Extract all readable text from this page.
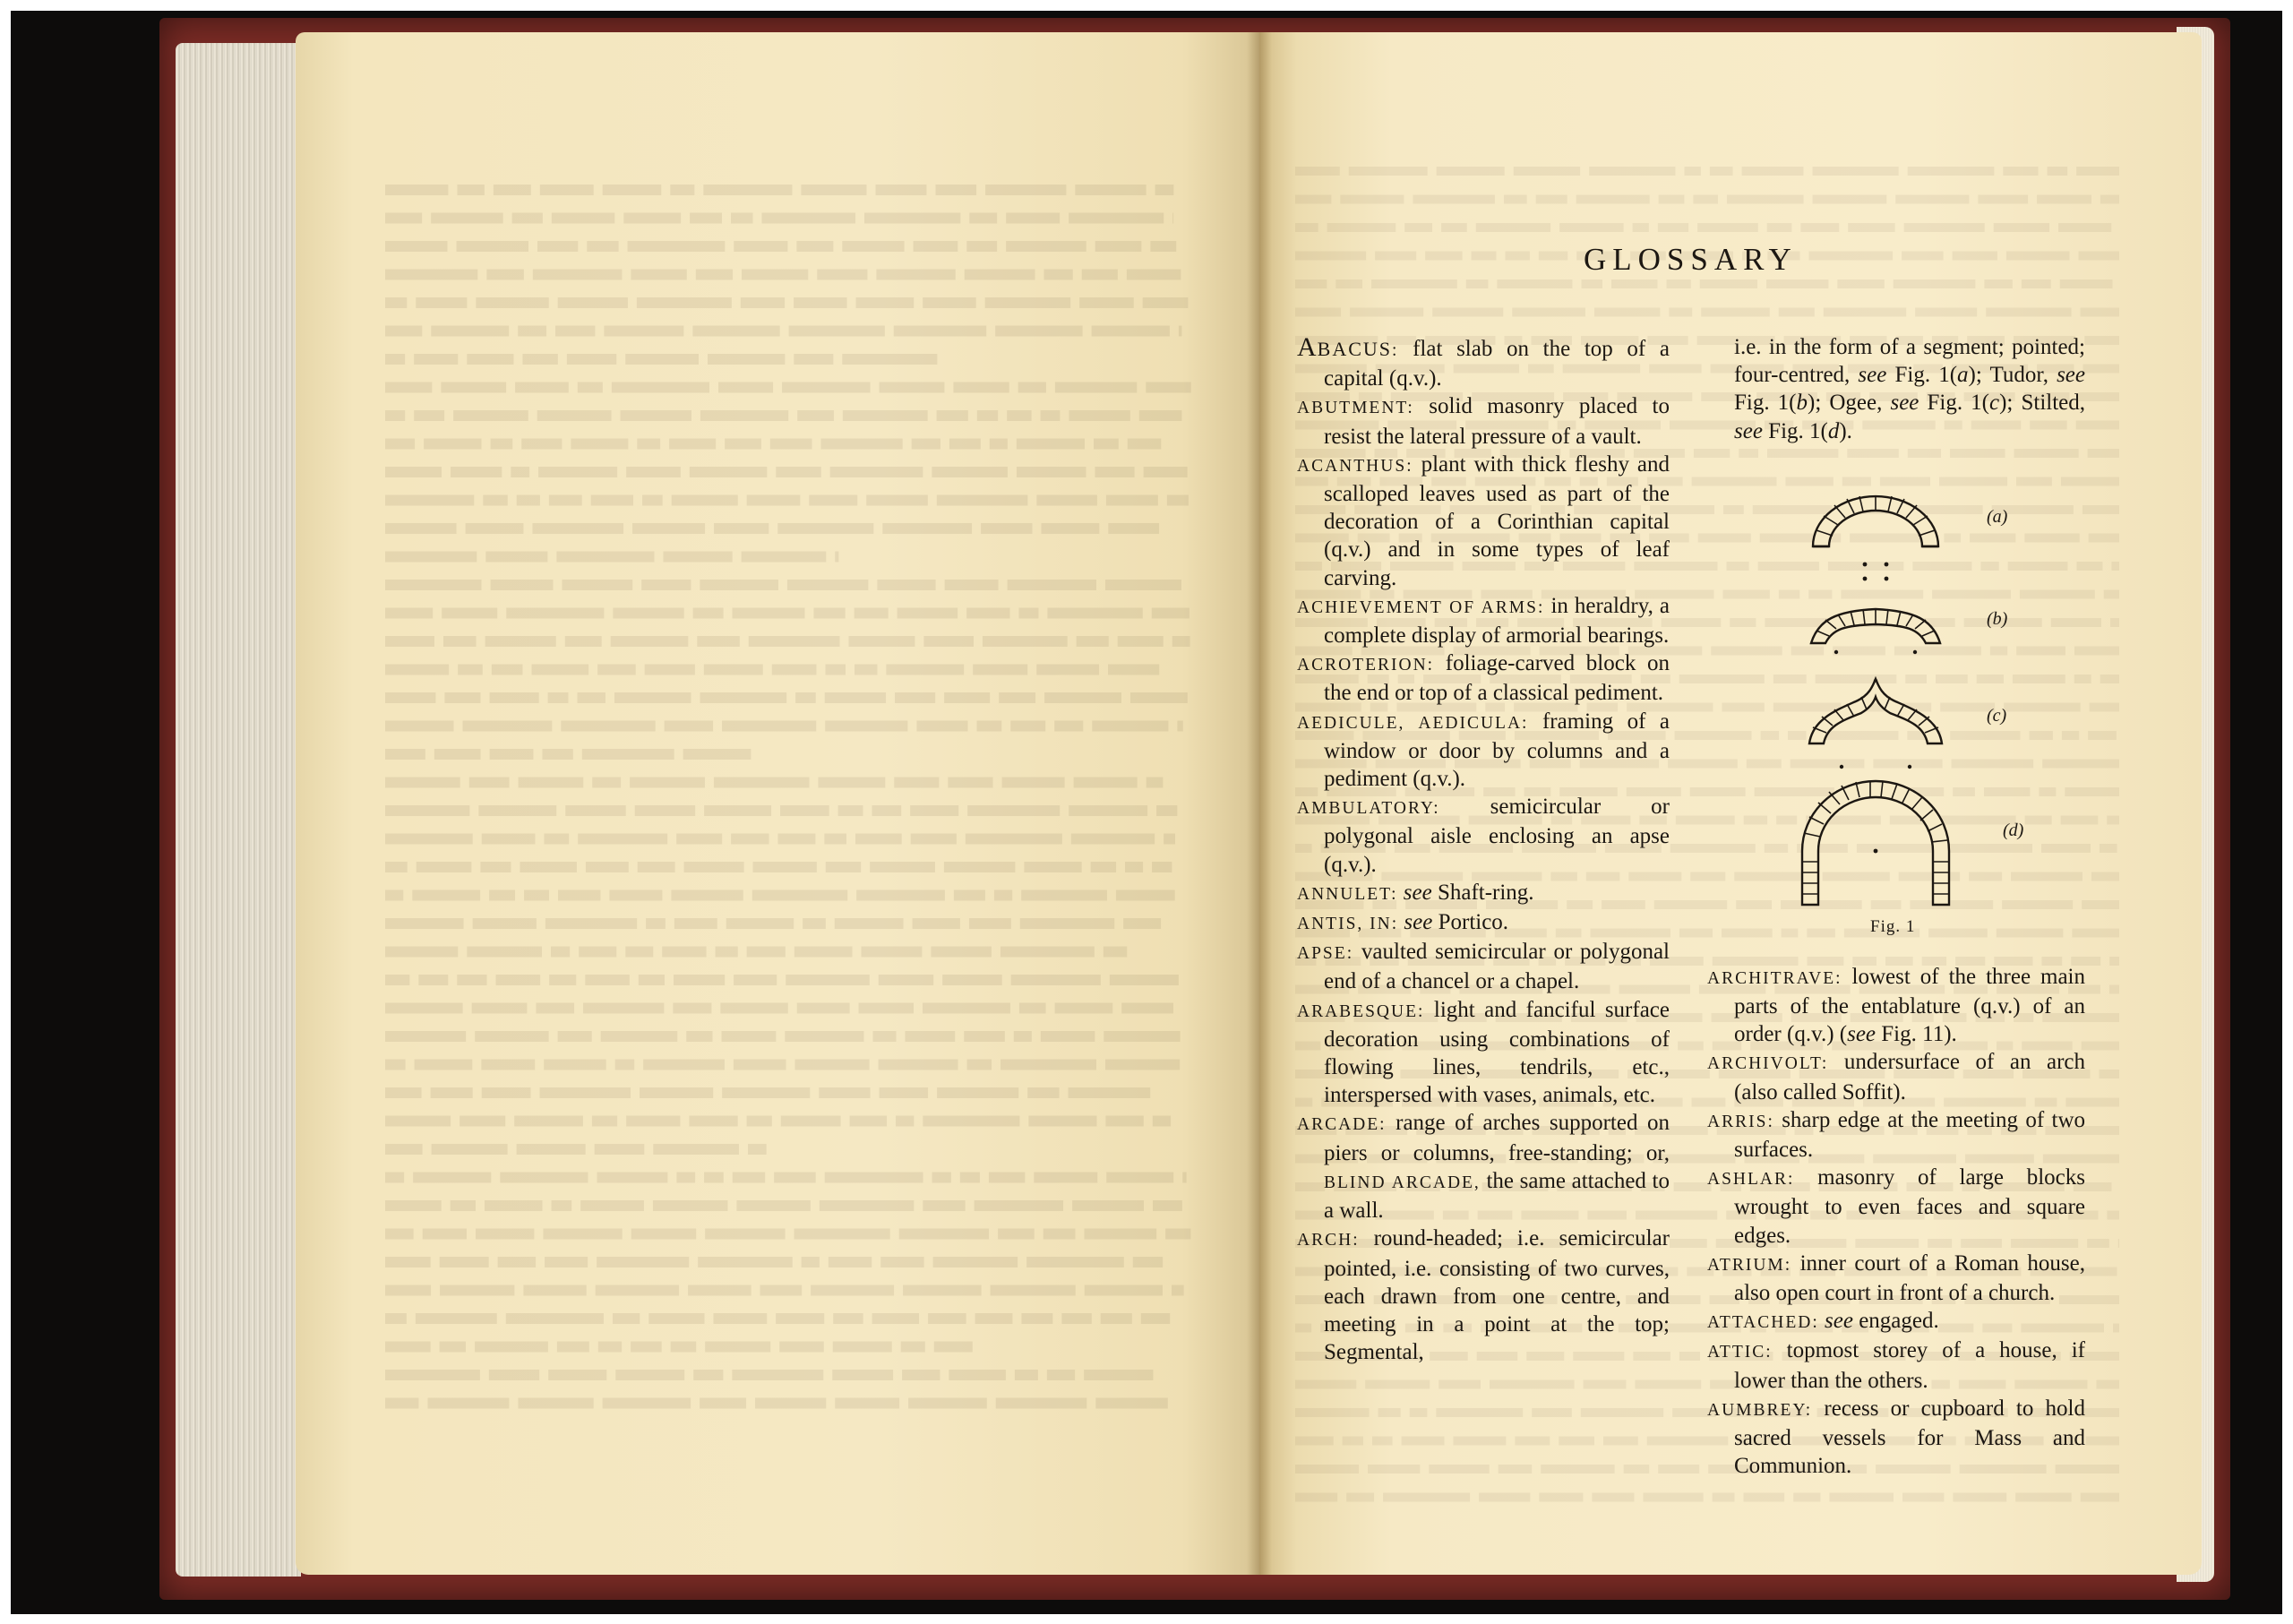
GLOSSARY

ABACUS: flat slab on the top of a capital (q.v.).

ABUTMENT: solid masonry placed to resist the lateral pressure of a vault.

ACANTHUS: plant with thick fleshy and scalloped leaves used as part of the decoration of a Corinthian capital (q.v.) and in some types of leaf carving.

ACHIEVEMENT OF ARMS: in heraldry, a complete display of armorial bearings.

ACROTERION: foliage-carved block on the end or top of a classical pediment.

AEDICULE, AEDICULA: framing of a window or door by columns and a pediment (q.v.).

AMBULATORY: semicircular or polygonal aisle enclosing an apse (q.v.).

ANNULET: see Shaft-ring.

ANTIS, IN: see Portico.

APSE: vaulted semicircular or polygonal end of a chancel or a chapel.

ARABESQUE: light and fanciful surface decoration using combinations of flowing lines, tendrils, etc., interspersed with vases, animals, etc.

ARCADE: range of arches supported on piers or columns, free-standing; or, BLIND ARCADE, the same attached to a wall.

ARCH: round-headed; i.e. semicircular pointed, i.e. consisting of two curves, each drawn from one centre, and meeting in a point at the top; Segmental,

i.e. in the form of a segment; pointed; four-centred, see Fig. 1(a); Tudor, see Fig. 1(b); Ogee, see Fig. 1(c); Stilted, see Fig. 1(d).

ARCHITRAVE: lowest of the three main parts of the entablature (q.v.) of an order (q.v.) (see Fig. 11).

ARCHIVOLT: undersurface of an arch (also called Soffit).

ARRIS: sharp edge at the meeting of two surfaces.

ASHLAR: masonry of large blocks wrought to even faces and square edges.

ATRIUM: inner court of a Roman house, also open court in front of a church.

ATTACHED: see engaged.

ATTIC: topmost storey of a house, if lower than the others.

AUMBREY: recess or cupboard to hold sacred vessels for Mass and Communion.

(a)
(b)
(c)
(d)
Fig. 1
